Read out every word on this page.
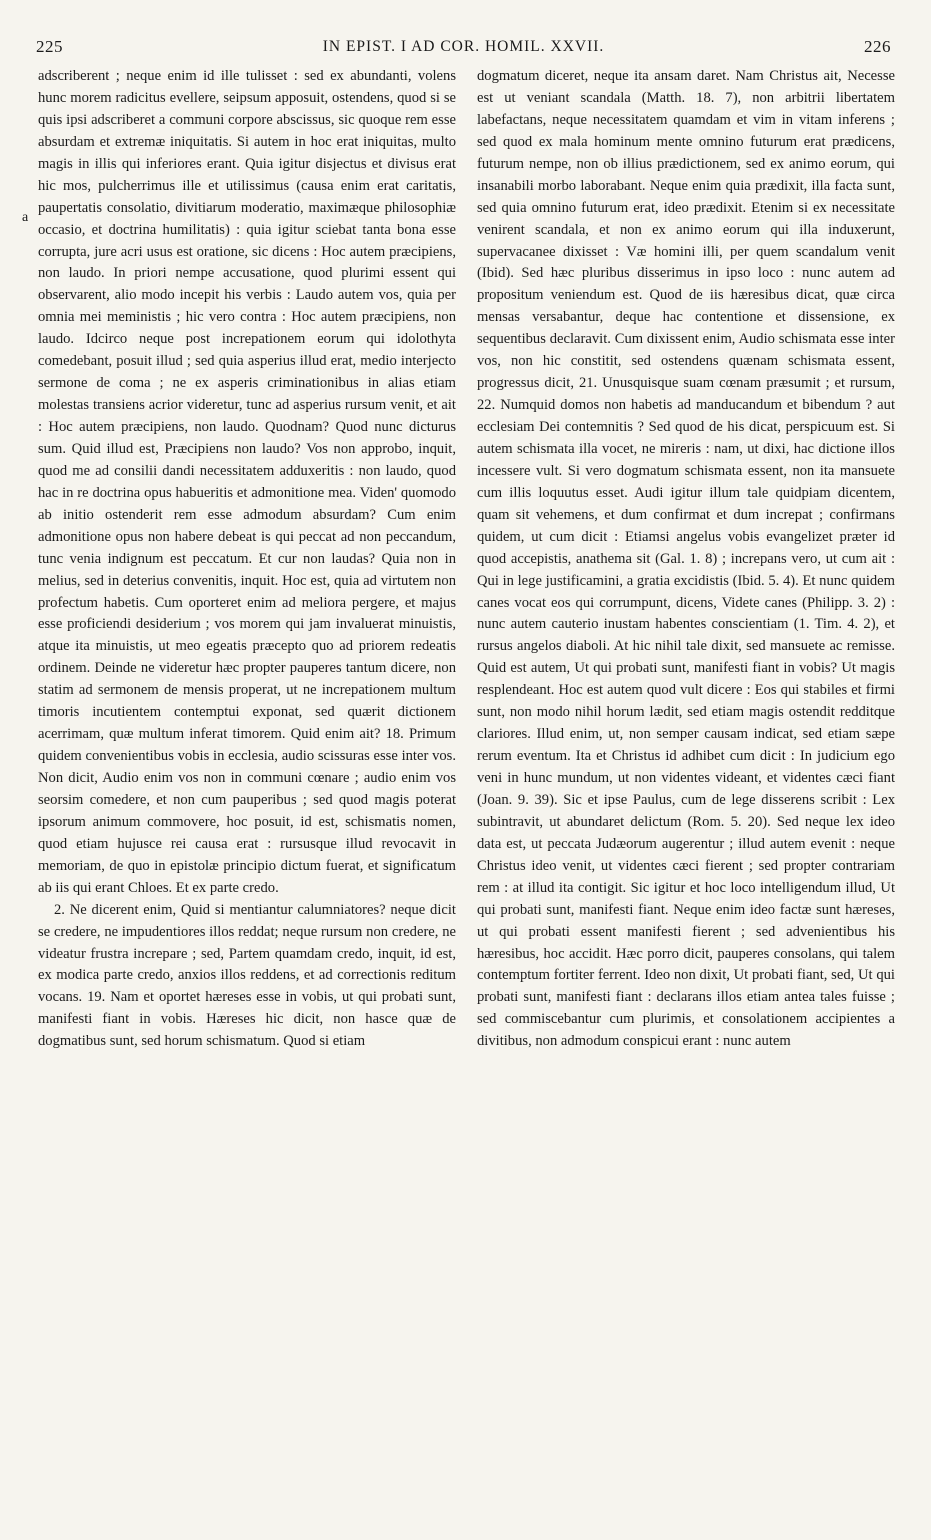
225	IN EPIST. I AD COR. HOMIL. XXVII.	226
a

adscriberent ; neque enim id ille tulisset : sed ex abundanti, volens hunc morem radicitus evellere, seipsum apposuit, ostendens, quod si se quis ipsi adscriberet a communi corpore abscissus, sic quoque rem esse absurdam et extremæ iniquitatis. Si autem in hoc erat iniquitas, multo magis in illis qui inferiores erant. Quia igitur disjectus et divisus erat hic mos, pulcherrimus ille et utilissimus (causa enim erat caritatis, paupertatis consolatio, divitiarum moderatio, maximæque philosophiæ occasio, et doctrina humilitatis) : quia igitur sciebat tanta bona esse corrupta, jure acri usus est oratione, sic dicens : Hoc autem præcipiens, non laudo. In priori nempe accusatione, quod plurimi essent qui observarent, alio modo incepit his verbis : Laudo autem vos, quia per omnia mei meministis ; hic vero contra : Hoc autem præcipiens, non laudo. Idcirco neque post increpationem eorum qui idolothyta comedebant, posuit illud ; sed quia asperius illud erat, medio interjecto sermone de coma ; ne ex asperis criminationibus in alias etiam molestas transiens acrior videretur, tunc ad asperius rursum venit, et ait : Hoc autem præcipiens, non laudo. Quodnam? Quod nunc dicturus sum. Quid illud est, Præcipiens non laudo? Vos non approbo, inquit, quod me ad consilii dandi necessitatem adduxeritis : non laudo, quod hac in re doctrina opus habueritis et admonitione mea. Viden' quomodo ab initio ostenderit rem esse admodum absurdam? Cum enim admonitione opus non habere debeat is qui peccat ad non peccandum, tunc venia indignum est peccatum. Et cur non laudas? Quia non in melius, sed in deterius convenitis, inquit. Hoc est, quia ad virtutem non profectum habetis. Cum oporteret enim ad meliora pergere, et majus esse proficiendi desiderium ; vos morem qui jam invaluerat minuistis, atque ita minuistis, ut meo egeatis præcepto quo ad priorem redeatis ordinem. Deinde ne videretur hæc propter pauperes tantum dicere, non statim ad sermonem de mensis properat, ut ne increpationem multum timoris incutientem contemptui exponat, sed quærit dictionem acerrimam, quæ multum inferat timorem. Quid enim ait? 18. Primum quidem convenientibus vobis in ecclesia, audio scissuras esse inter vos. Non dicit, Audio enim vos non in communi cœnare ; audio enim vos seorsim comedere, et non cum pauperibus ; sed quod magis poterat ipsorum animum commovere, hoc posuit, id est, schismatis nomen, quod etiam hujusce rei causa erat : rursusque illud revocavit in memoriam, de quo in epistolæ principio dictum fuerat, et significatum ab iis qui erant Chloes. Et ex parte credo.

2. Ne dicerent enim, Quid si mentiantur calumniatores? neque dicit se credere, ne impudentiores illos reddat; neque rursum non credere, ne videatur frustra increpare ; sed, Partem quamdam credo, inquit, id est, ex modica parte credo, anxios illos reddens, et ad correctionis reditum vocans. 19. Nam et oportet hæreses esse in vobis, ut qui probati sunt, manifesti fiant in vobis. Hæreses hic dicit, non hasce quæ de dogmatibus sunt, sed horum schismatum. Quod si etiam

dogmatum diceret, neque ita ansam daret. Nam Christus ait, Necesse est ut veniant scandala (Matth. 18. 7), non arbitrii libertatem labefactans, neque necessitatem quamdam et vim in vitam inferens ; sed quod ex mala hominum mente omnino futurum erat prædicens, futurum nempe, non ob illius prædictionem, sed ex animo eorum, qui insanabili morbo laborabant. Neque enim quia prædixit, illa facta sunt, sed quia omnino futurum erat, ideo prædixit. Etenim si ex necessitate venirent scandala, et non ex animo eorum qui illa induxerunt, supervacanee dixisset : Væ homini illi, per quem scandalum venit (Ibid). Sed hæc pluribus disserimus in ipso loco : nunc autem ad propositum veniendum est. Quod de iis hæresibus dicat, quæ circa mensas versabantur, deque hac contentione et dissensione, ex sequentibus declaravit. Cum dixissent enim, Audio schismata esse inter vos, non hic constitit, sed ostendens quænam schismata essent, progressus dicit, 21. Unusquisque suam cœnam præsumit ; et rursum, 22. Numquid domos non habetis ad manducandum et bibendum ? aut ecclesiam Dei contemnitis ? Sed quod de his dicat, perspicuum est. Si autem schismata illa vocet, ne mireris : nam, ut dixi, hac dictione illos incessere vult. Si vero dogmatum schismata essent, non ita mansuete cum illis loquutus esset. Audi igitur illum tale quidpiam dicentem, quam sit vehemens, et dum confirmat et dum increpat ; confirmans quidem, ut cum dicit : Etiamsi angelus vobis evangelizet præter id quod accepistis, anathema sit (Gal. 1. 8) ; increpans vero, ut cum ait : Qui in lege justificamini, a gratia excidistis (Ibid. 5. 4). Et nunc quidem canes vocat eos qui corrumpunt, dicens, Videte canes (Philipp. 3. 2) : nunc autem cauterio inustam habentes conscientiam (1. Tim. 4. 2), et rursus angelos diaboli. At hic nihil tale dixit, sed mansuete ac remisse. Quid est autem, Ut qui probati sunt, manifesti fiant in vobis? Ut magis resplendeant. Hoc est autem quod vult dicere : Eos qui stabiles et firmi sunt, non modo nihil horum lædit, sed etiam magis ostendit redditque clariores. Illud enim, ut, non semper causam indicat, sed etiam sæpe rerum eventum. Ita et Christus id adhibet cum dicit : In judicium ego veni in hunc mundum, ut non videntes videant, et videntes cæci fiant (Joan. 9. 39). Sic et ipse Paulus, cum de lege disserens scribit : Lex subintravit, ut abundaret delictum (Rom. 5. 20). Sed neque lex ideo data est, ut peccata Judæorum augerentur ; illud autem evenit : neque Christus ideo venit, ut videntes cæci fierent ; sed propter contrariam rem : at illud ita contigit. Sic igitur et hoc loco intelligendum illud, Ut qui probati sunt, manifesti fiant. Neque enim ideo factæ sunt hæreses, ut qui probati essent manifesti fierent ; sed advenientibus his hæresibus, hoc accidit. Hæc porro dicit, pauperes consolans, qui talem contemptum fortiter ferrent. Ideo non dixit, Ut probati fiant, sed, Ut qui probati sunt, manifesti fiant : declarans illos etiam antea tales fuisse ; sed commiscebantur cum plurimis, et consolationem accipientes a divitibus, non admodum conspicui erant : nunc autem
